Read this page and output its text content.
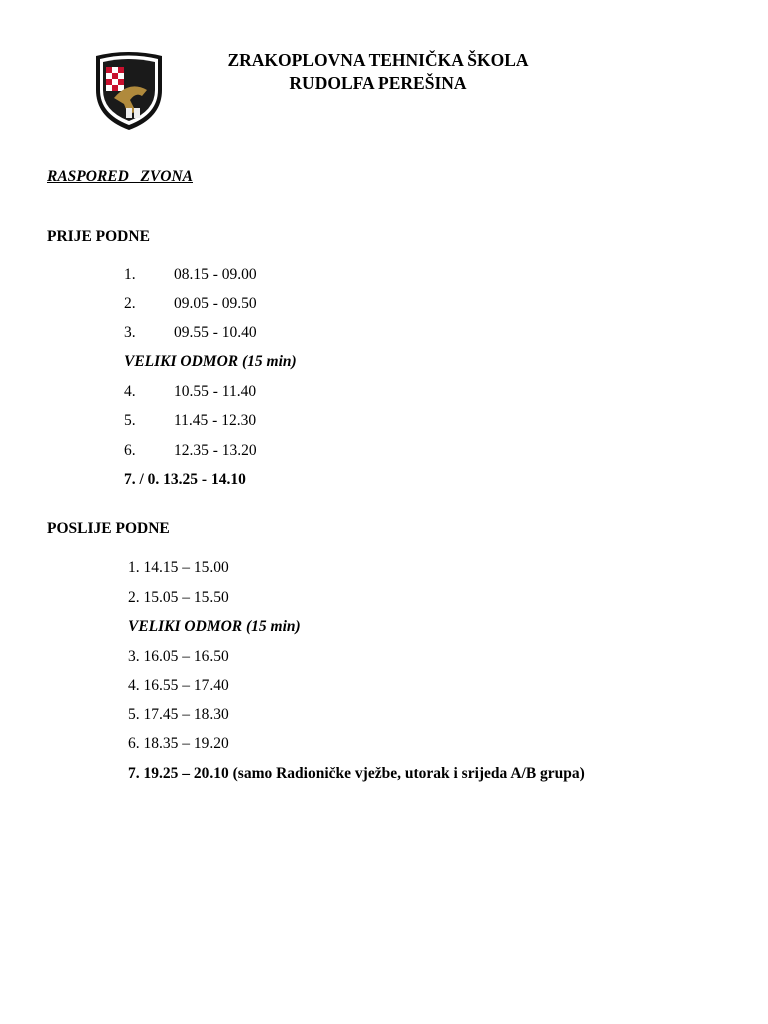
ZRAKOPLOVNA TEHNIČKA ŠKOLA
RUDOLFA PEREŠINA
RASPORED   ZVONA
PRIJE PODNE
1. 08.15 - 09.00
2. 09.05 - 09.50
3. 09.55 - 10.40
VELIKI ODMOR (15 min)
4. 10.55 - 11.40
5. 11.45 - 12.30
6. 12.35 - 13.20
7. / 0. 13.25 - 14.10
POSLIJE PODNE
1. 14.15 – 15.00
2. 15.05 – 15.50
VELIKI ODMOR (15 min)
3. 16.05 – 16.50
4. 16.55 – 17.40
5. 17.45 – 18.30
6. 18.35 – 19.20
7. 19.25 – 20.10 (samo Radioničke vježbe, utorak i srijeda A/B grupa)
